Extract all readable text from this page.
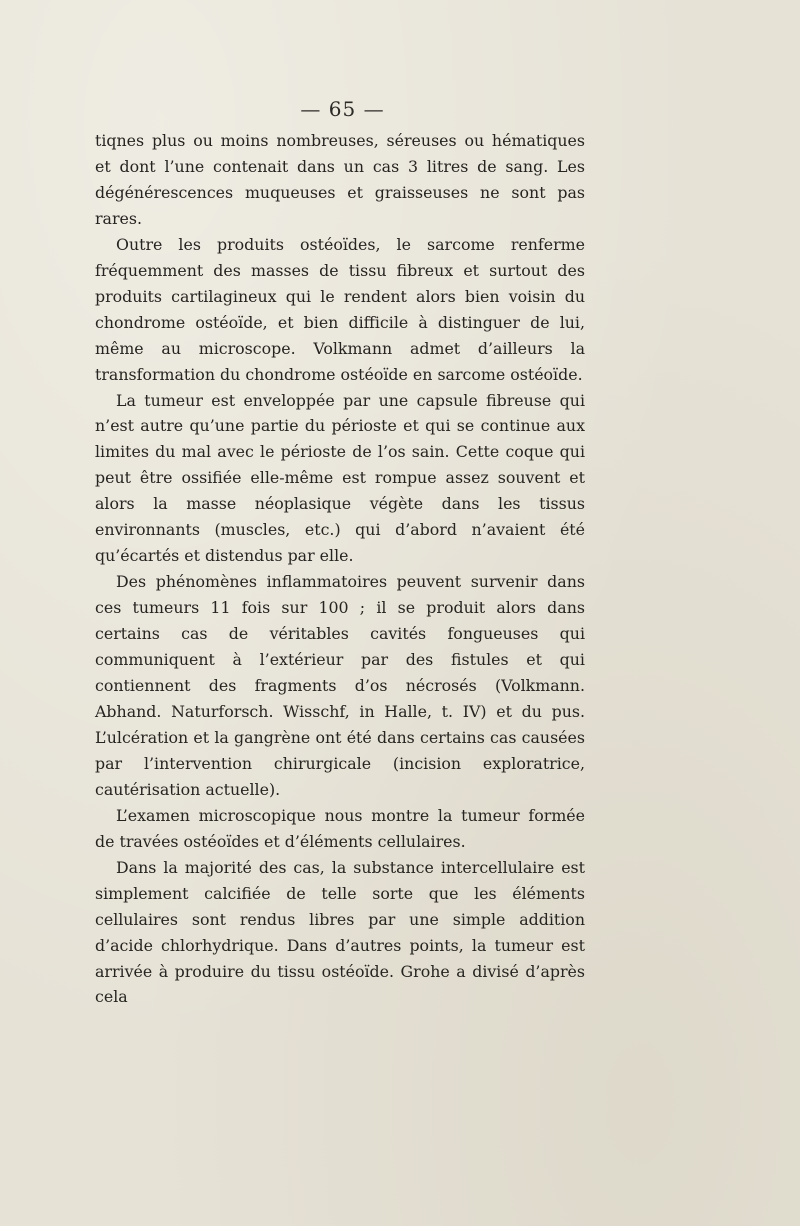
— 65 —

tiqnes plus ou moins nombreuses, séreuses ou hématiques et dont l’une contenait dans un cas 3 litres de sang. Les dégénérescences muqueuses et graisseuses ne sont pas rares.

Outre les produits ostéoïdes, le sarcome renferme fréquemment des masses de tissu fibreux et surtout des produits cartilagineux qui le rendent alors bien voisin du chondrome ostéoïde, et bien difficile à distinguer de lui, même au microscope. Volkmann admet d’ailleurs la transformation du chondrome ostéoïde en sarcome ostéoïde.

La tumeur est enveloppée par une capsule fibreuse qui n’est autre qu’une partie du périoste et qui se continue aux limites du mal avec le périoste de l’os sain. Cette coque qui peut être ossifiée elle-même est rompue assez souvent et alors la masse néoplasique végète dans les tissus environnants (muscles, etc.) qui d’abord n’avaient été qu’écartés et distendus par elle.

Des phénomènes inflammatoires peuvent survenir dans ces tumeurs 11 fois sur 100 ; il se produit alors dans certains cas de véritables cavités fongueuses qui communiquent à l’extérieur par des fistules et qui contiennent des fragments d’os nécrosés (Volkmann. Abhand. Naturforsch. Wisschf, in Halle, t. IV) et du pus. L’ulcération et la gangrène ont été dans certains cas causées par l’intervention chirurgicale (incision exploratrice, cautérisation actuelle).

L’examen microscopique nous montre la tumeur formée de travées ostéoïdes et d’éléments cellulaires.

Dans la majorité des cas, la substance intercellulaire est simplement calcifiée de telle sorte que les éléments cellulaires sont rendus libres par une simple addition d’acide chlorhydrique. Dans d’autres points, la tumeur est arrivée à produire du tissu ostéoïde. Grohe a divisé d’après cela
